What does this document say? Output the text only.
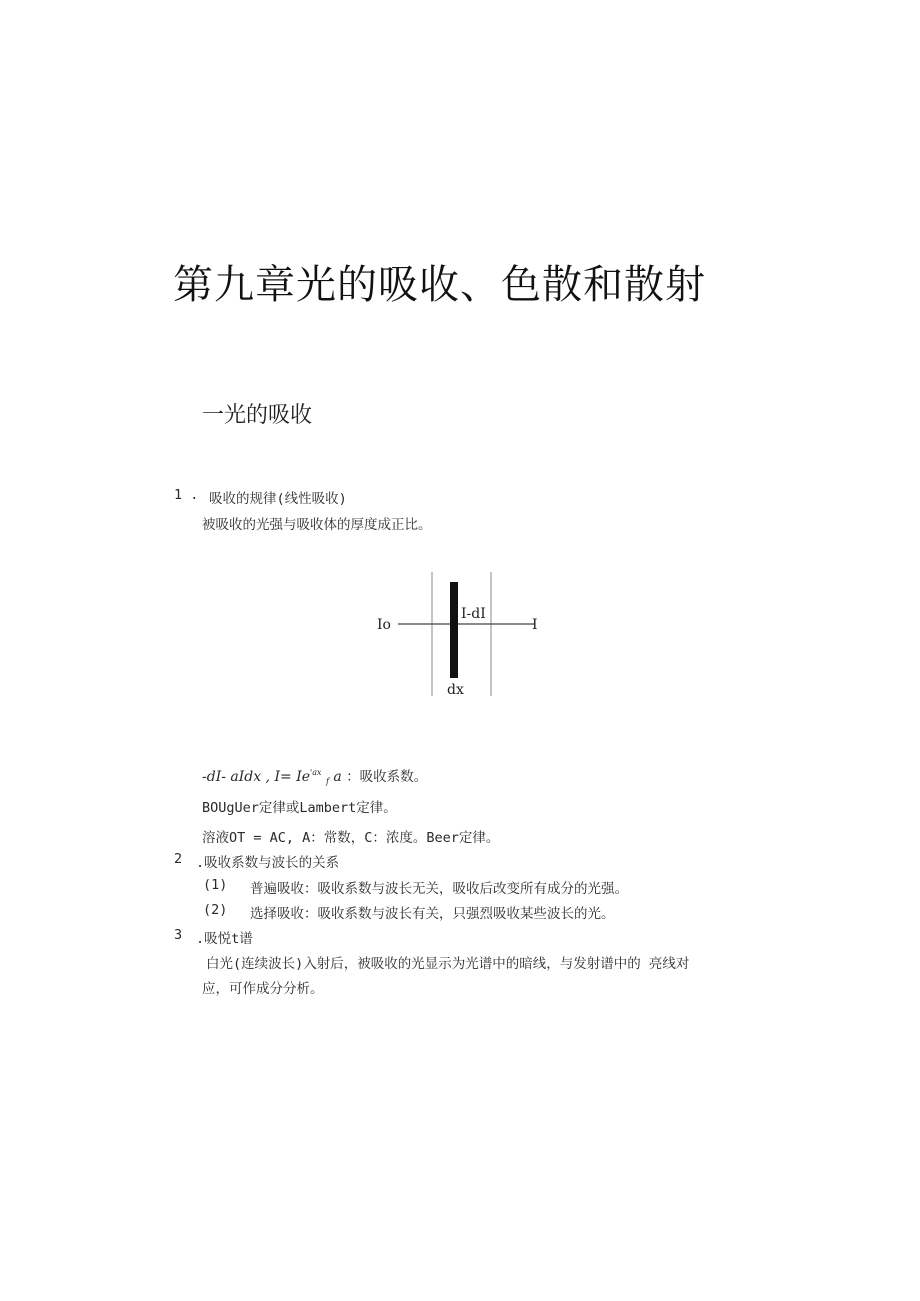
第九章光的吸收、色散和散射
一光的吸收
1 . 吸收的规律(线性吸收)
被吸收的光强与吸收体的厚度成正比。
Io
I-dI
I
dx
-dI- aIdx , $I= Ie^{'ax}$ $_f$ a ：吸收系数。
BOUgUer定律或Lambert定律。
溶液OT = AC, A：常数，C：浓度。Beer定律。
2 .吸收系数与波长的关系
(1) 普遍吸收：吸收系数与波长无关，吸收后改变所有成分的光强。
(2) 选择吸收：吸收系数与波长有关，只强烈吸收某些波长的光。
3 .吸悦t谱
白光(连续波长)入射后，被吸收的光显示为光谱中的暗线，与发射谱中的 亮线对
应，可作成分分析。
